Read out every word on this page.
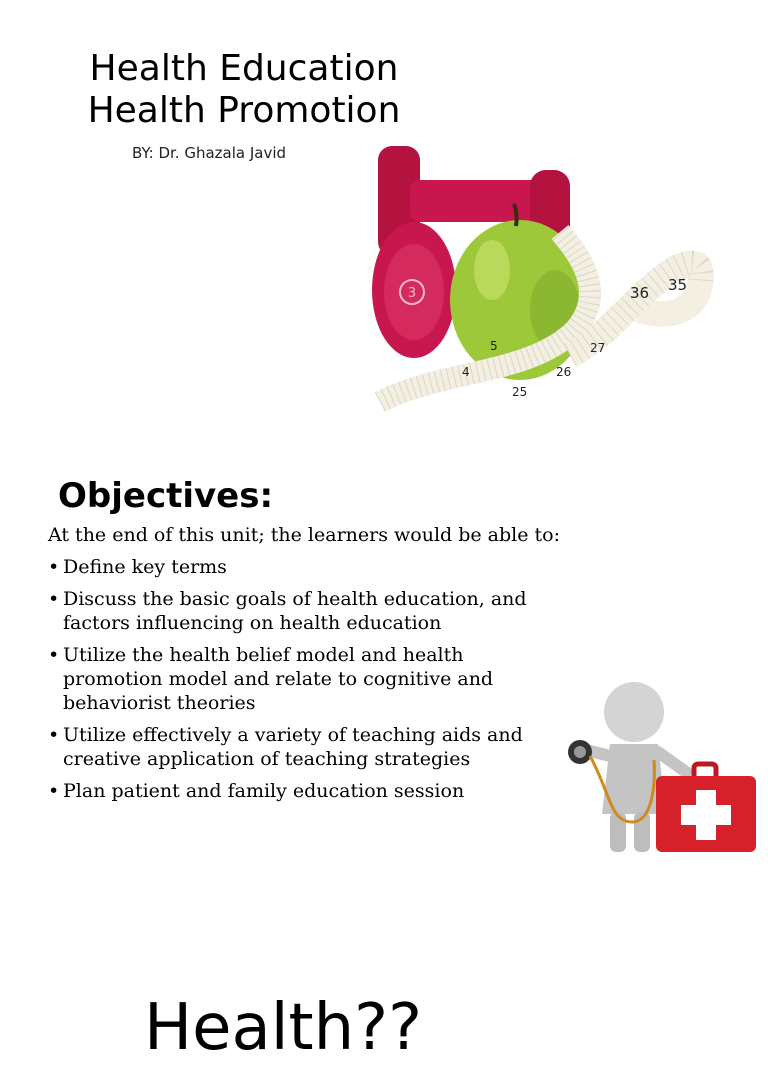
Health Education
Health Promotion
BY: Dr. Ghazala Javid
3	36 35
5
4	26
25
27
Objectives:
At the end of this unit; the learners would be able to:
• Define key terms
• Discuss the basic goals of health education, and factors influencing on health education
• Utilize the health belief model and health promotion model and relate to cognitive and behaviorist theories
• Utilize effectively a variety of teaching aids and creative application of teaching strategies
• Plan patient and family education session
Health??
